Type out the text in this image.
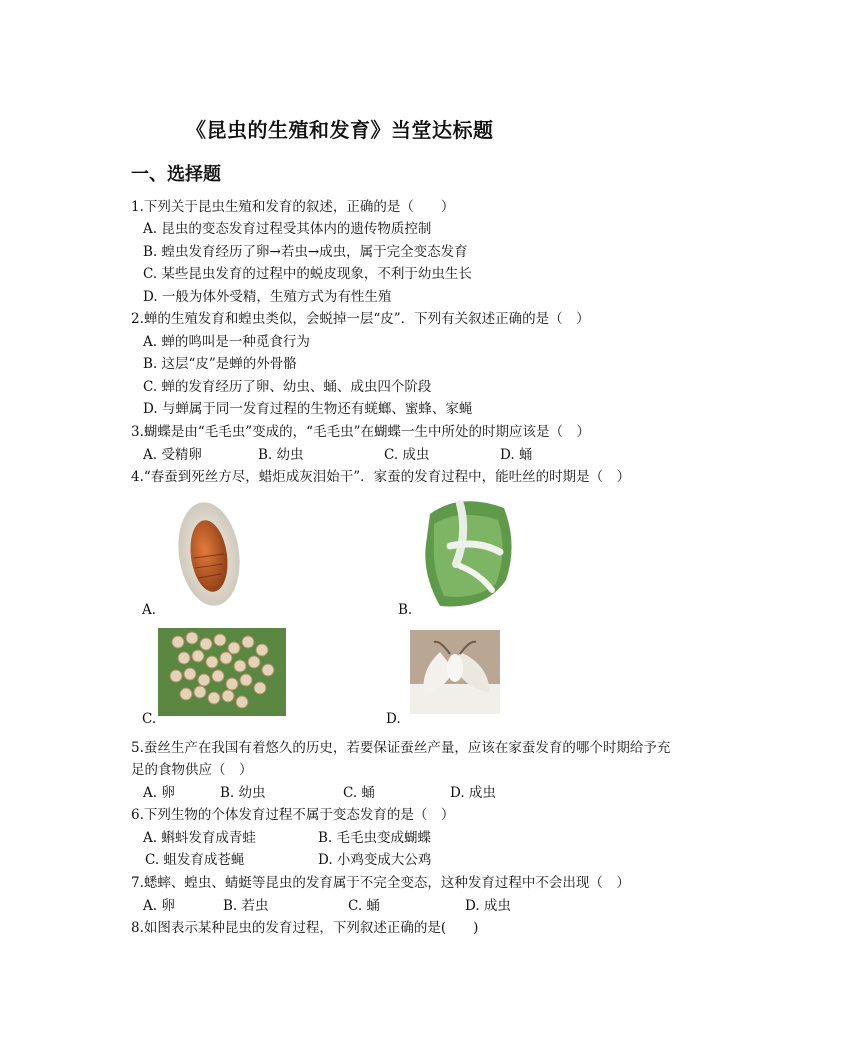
《昆虫的生殖和发育》当堂达标题
一、选择题
1.下列关于昆虫生殖和发育的叙述，正确的是（　　）
A. 昆虫的变态发育过程受其体内的遗传物质控制
B. 蝗虫发育经历了卵→若虫→成虫，属于完全变态发育
C. 某些昆虫发育的过程中的蜕皮现象，不利于幼虫生长
D. 一般为体外受精，生殖方式为有性生殖
2.蝉的生殖发育和蝗虫类似，会蜕掉一层“皮”．下列有关叙述正确的是（　）
A. 蝉的鸣叫是一种觅食行为
B. 这层“皮”是蝉的外骨骼
C. 蝉的发育经历了卵、幼虫、蛹、成虫四个阶段
D. 与蝉属于同一发育过程的生物还有蜣螂、蜜蜂、家蝇
3.蝴蝶是由“毛毛虫”变成的，“毛毛虫”在蝴蝶一生中所处的时期应该是（　）
A. 受精卵	B. 幼虫	C. 成虫	D. 蛹
4.“春蚕到死丝方尽，蜡炬成灰泪始干”．家蚕的发育过程中，能吐丝的时期是（　）
A.	B.
C.	D.
5.蚕丝生产在我国有着悠久的历史，若要保证蚕丝产量，应该在家蚕发育的哪个时期给予充
足的食物供应（　）
A. 卵	B. 幼虫	C. 蛹	D. 成虫
6.下列生物的个体发育过程不属于变态发育的是（　）
A. 蝌蚪发育成青蛙	B. 毛毛虫变成蝴蝶
C. 蛆发育成苍蝇	D. 小鸡变成大公鸡
7.蟋蟀、蝗虫、蜻蜓等昆虫的发育属于不完全变态，这种发育过程中不会出现（　）
A. 卵	B. 若虫	C. 蛹	D. 成虫
8.如图表示某种昆虫的发育过程，下列叙述正确的是(　　)
